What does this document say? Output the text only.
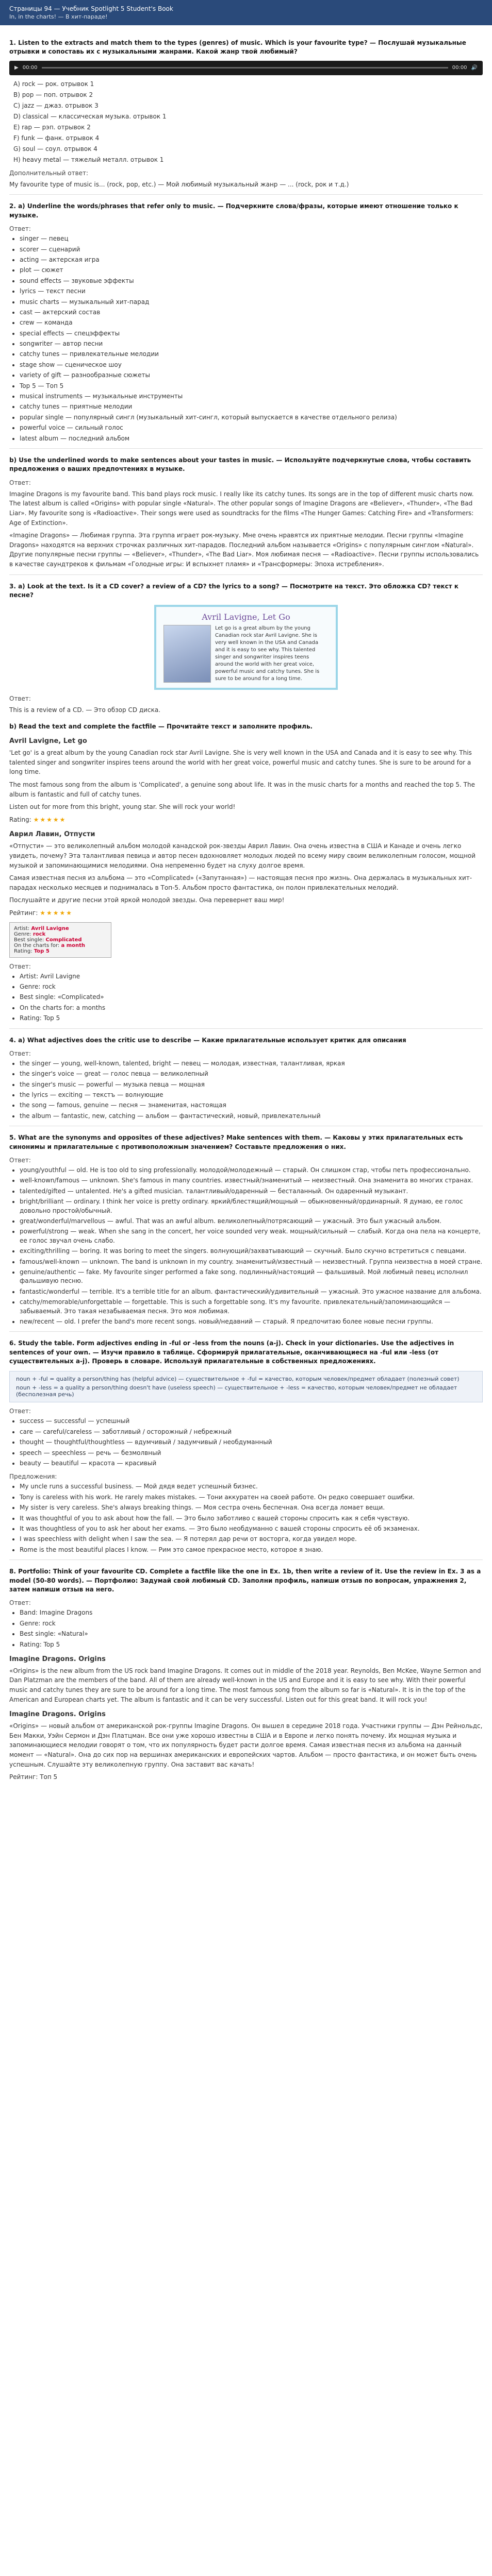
Страницы 94 — Учебник Spotlight 5 Student's Book
In, in the charts! — В хит-параде!
1. Listen to the extracts and match them to the types (genres) of music. Which is your favourite type? — Послушай музыкальные отрывки и сопоставь их с музыкальными жанрами. Какой жанр твой любимый?
▶ 00:00	00:00 🔊
A) rock — рок. отрывок 1
B) pop — поп. отрывок 2
C) jazz — джаз. отрывок 3
D) classical — классическая музыка. отрывок 1
E) rap — рэп. отрывок 2
F) funk — фанк. отрывок 4
G) soul — соул. отрывок 4
H) heavy metal — тяжелый металл. отрывок 1
Дополнительный ответ:

My favourite type of music is... (rock, pop, etc.) — Мой любимый музыкальный жанр — ... (rock, рок и т.д.)

2. a) Underline the words/phrases that refer only to music. — Подчеркните слова/фразы, которые имеют отношение только к музыке.
Ответ:
• singer — певец
• scorer — сценарий
• acting — актерская игра
• plot — сюжет
• sound effects — звуковые эффекты
• lyrics — текст песни
• music charts — музыкальный хит-парад
• cast — актерский состав
• crew — команда
• special effects — спецэффекты
• songwriter — автор песни
• catchy tunes — привлекательные мелодии
• stage show — сценическое шоу
• variety of gift — разнообразные сюжеты
• Top 5 — Топ 5
• musical instruments — музыкальные инструменты
• catchy tunes — приятные мелодии
• popular single — популярный сингл (музыкальный хит-сингл, который выпускается в качестве отдельного релиза)
• powerful voice — сильный голос
• latest album — последний альбом
b) Use the underlined words to make sentences about your tastes in music. — Используйте подчеркнутые слова, чтобы составить предложения о ваших предпочтениях в музыке.
Ответ:

Imagine Dragons is my favourite band. This band plays rock music. I really like its catchy tunes. Its songs are in the top of different music charts now. The latest album is called «Origins» with popular single «Natural». The other popular songs of Imagine Dragons are «Believer», «Thunder», «The Bad Liar». My favourite song is «Radioactive». Their songs were used as soundtracks for the films «The Hunger Games: Catching Fire» and «Transformers: Age of Extinction».

«Imagine Dragons» — Любимая группа. Эта группа играет рок-музыку. Мне очень нравятся их приятные мелодии. Песни группы «Imagine Dragons» находятся на верхних строчках различных хит-парадов. Последний альбом называется «Origins» с популярным синглом «Natural». Другие популярные песни группы — «Believer», «Thunder», «The Bad Liar». Моя любимая песня — «Radioactive». Песни группы использовались в качестве саундтреков к фильмам «Голодные игры: И вспыхнет пламя» и «Трансформеры: Эпоха истребления».

3. a) Look at the text. Is it a CD cover? a review of a CD? the lyrics to a song? — Посмотрите на текст. Это обложка CD? текст к песне?
Avril Lavigne, Let Go
Let go is a great album by the young Canadian rock star Avril Lavigne. She is very well known in the USA and Canada and it is easy to see why. This talented singer and songwriter inspires teens around the world with her great voice, powerful music and catchy tunes. She is sure to be around for a long time.
Ответ:

This is a review of a CD. — Это обзор CD диска.

b) Read the text and complete the factfile — Прочитайте текст и заполните профиль.
Avril Lavigne, Let go

'Let go' is a great album by the young Canadian rock star Avril Lavigne. She is very well known in the USA and Canada and it is easy to see why. This talented singer and songwriter inspires teens around the world with her great voice, powerful music and catchy tunes. She is sure to be around for a long time.

The most famous song from the album is 'Complicated', a genuine song about life. It was in the music charts for a months and reached the top 5. The album is fantastic and full of catchy tunes.

Listen out for more from this bright, young star. She will rock your world!

Rating: ★★★★★

Аврил Лавин, Отпусти

«Отпусти» — это великолепный альбом молодой канадской рок-звезды Аврил Лавин. Она очень известна в США и Канаде и очень легко увидеть, почему? Эта талантливая певица и автор песен вдохновляет молодых людей по всему миру своим великолепным голосом, мощной музыкой и запоминающимися мелодиями. Она непременно будет на слуху долгое время.

Самая известная песня из альбома — это «Complicated» («Запутанная») — настоящая песня про жизнь. Она держалась в музыкальных хит-парадах несколько месяцев и поднималась в Топ-5. Альбом просто фантастика, он полон привлекательных мелодий.

Послушайте и другие песни этой яркой молодой звезды. Она перевернет ваш мир!

Рейтинг: ★★★★★

Artist: Avril Lavigne
Genre: rock
Best single: Complicated
On the charts for: a month
Rating: Top 5
Ответ:
• Artist: Avril Lavigne
• Genre: rock
• Best single: «Complicated»
• On the charts for: a months
• Rating: Top 5
4. a) What adjectives does the critic use to describe — Какие прилагательные использует критик для описания
Ответ:
• the singer — young, well-known, talented, bright — певец — молодая, известная, талантливая, яркая
• the singer's voice — great — голос певца — великолепный
• the singer's music — powerful — музыка певца — мощная
• the lyrics — exciting — текстъ — волнующие
• the song — famous, genuine — песня — знаменитая, настоящая
• the album — fantastic, new, catching — альбом — фантастический, новый, привлекательный
5. What are the synonyms and opposites of these adjectives? Make sentences with them. — Каковы у этих прилагательных есть синонимы и прилагательные с противоположным значением? Составьте предложения о них.
Ответ:
• young/youthful — old. He is too old to sing professionally. молодой/молодежный — старый. Он слишком стар, чтобы петь профессионально.
• well-known/famous — unknown. She's famous in many countries. известный/знаменитый — неизвестный. Она знаменита во многих странах.
• talented/gifted — untalented. He's a gifted musician. талантливый/одаренный — бесталанный. Он одаренный музыкант.
• bright/brilliant — ordinary. I think her voice is pretty ordinary. яркий/блестящий/мощный — обыкновенный/ординарный. Я думаю, ее голос довольно простой/обычный.
• great/wonderful/marvellous — awful. That was an awful album. великолепный/потрясающий — ужасный. Это был ужасный альбом.
• powerful/strong — weak. When she sang in the concert, her voice sounded very weak. мощный/сильный — слабый. Когда она пела на концерте, ее голос звучал очень слабо.
• exciting/thrilling — boring. It was boring to meet the singers. волнующий/захватывающий — скучный. Было скучно встретиться с певцами.
• famous/well-known — unknown. The band is unknown in my country. знаменитый/известный — неизвестный. Группа неизвестна в моей стране.
• genuine/authentic — fake. My favourite singer performed a fake song. подлинный/настоящий — фальшивый. Мой любимый певец исполнил фальшивую песню.
• fantastic/wonderful — terrible. It's a terrible title for an album. фантастический/удивительный — ужасный. Это ужасное название для альбома.
• catchy/memorable/unforgettable — forgettable. This is such a forgettable song. It's my favourite. привлекательный/запоминающийся — забываемый. Это такая незабываемая песня. Это моя любимая.
• new/recent — old. I prefer the band's more recent songs. новый/недавний — старый. Я предпочитаю более новые песни группы.
6. Study the table. Form adjectives ending in -ful or -less from the nouns (a-j). Check in your dictionaries. Use the adjectives in sentences of your own. — Изучи правило в таблице. Сформируй прилагательные, оканчивающиеся на -ful или -less (от существительных a-j). Проверь в словаре. Используй прилагательные в собственных предложениях.
noun + -ful = quality a person/thing has (helpful advice) — существительное + -ful = качество, которым человек/предмет обладает (полезный совет)
noun + -less = a quality a person/thing doesn't have (useless speech) — существительное + -less = качество, которым человек/предмет не обладает (бесполезная речь)
Ответ:
• success — successful — успешный
• care — careful/careless — заботливый / осторожный / небрежный
• thought — thoughtful/thoughtless — вдумчивый / задумчивый / необдуманный
• speech — speechless — речь — безмолвный
• beauty — beautiful — красота — красивый
Предложения:
• My uncle runs a successful business. — Мой дядя ведет успешный бизнес.
• Tony is careless with his work. He rarely makes mistakes. — Тони аккуратен на своей работе. Он редко совершает ошибки.
• My sister is very careless. She's always breaking things. — Моя сестра очень беспечная. Она всегда ломает вещи.
• It was thoughtful of you to ask about how the fall. — Это было заботливо с вашей стороны спросить как я себя чувствую.
• It was thoughtless of you to ask her about her exams. — Это было необдуманно с вашей стороны спросить её об экзаменах.
• I was speechless with delight when I saw the sea. — Я потерял дар речи от восторга, когда увидел море.
• Rome is the most beautiful places I know. — Рим это самое прекрасное место, которое я знаю.
8. Portfolio: Think of your favourite CD. Complete a factfile like the one in Ex. 1b, then write a review of it. Use the review in Ex. 3 as a model (50-80 words). — Портфолио: Задумай свой любимый CD. Заполни профиль, напиши отзыв по вопросам, упражнения 2, затем напиши отзыв на него.
Ответ:
• Band: Imagine Dragons
• Genre: rock
• Best single: «Natural»
• Rating: Top 5
Imagine Dragons. Origins

«Origins» is the new album from the US rock band Imagine Dragons. It comes out in middle of the 2018 year. Reynolds, Ben McKee, Wayne Sermon and Dan Platzman are the members of the band. All of them are already well-known in the US and Europe and it is easy to see why. With their powerful music and catchy tunes they are sure to be around for a long time. The most famous song from the album so far is «Natural». It is in the top of the American and European charts yet. The album is fantastic and it can be very successful. Listen out for this great band. It will rock you!

Imagine Dragons. Origins

«Origins» — новый альбом от американской рок-группы Imagine Dragons. Он вышел в середине 2018 года. Участники группы — Дэн Рейнольдс, Бен Макки, Уэйн Сермон и Дэн Платцман. Все они уже хорошо известны в США и в Европе и легко понять почему. Их мощная музыка и запоминающиеся мелодии говорят о том, что их популярность будет расти долгое время. Самая известная песня из альбома на данный момент — «Natural». Она до сих пор на вершинах американских и европейских чартов. Альбом — просто фантастика, и он может быть очень успешным. Слушайте эту великолепную группу. Она заставит вас качать!

Рейтинг: Топ 5
